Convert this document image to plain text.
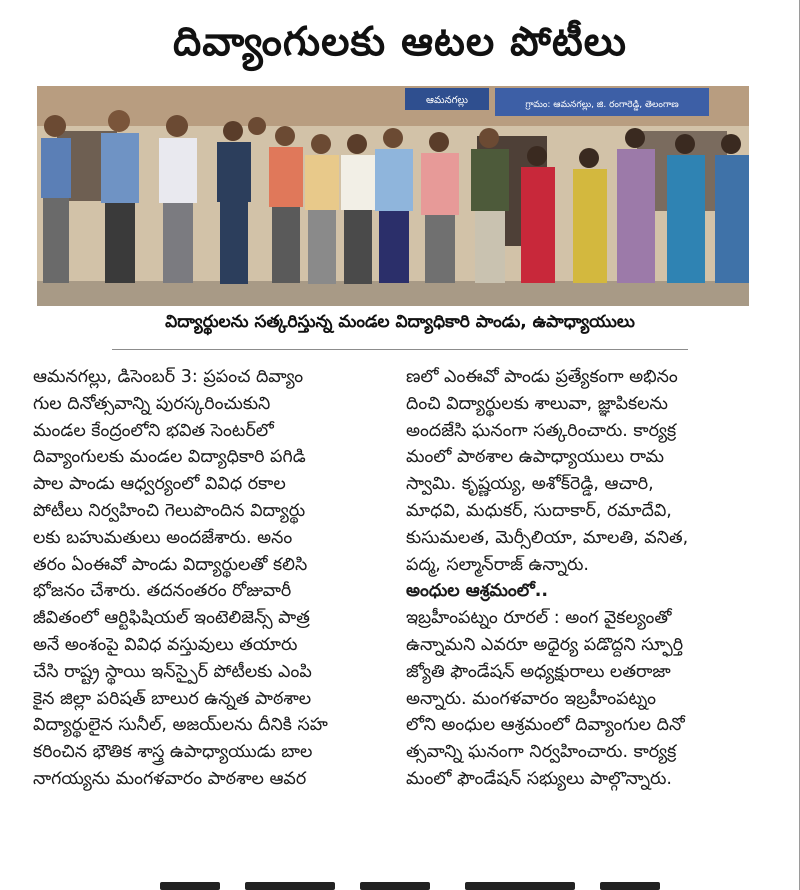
దివ్యాంగులకు ఆటల పోటీలు
ఆమనగల్లు	గ్రామం: ఆమనగల్లు, జి. రంగారెడ్డి, తెలంగాణ
విద్యార్థులను సత్కరిస్తున్న మండల విద్యాధికారి పాండు, ఉపాధ్యాయులు
ఆమనగల్లు, డిసెంబర్ 3: ప్రపంచ దివ్యాం
గుల దినోత్సవాన్ని పురస్కరించుకుని
మండల కేంద్రంలోని భవిత సెంటర్‌లో
దివ్యాంగులకు మండల విద్యాధికారి పగిడి
పాల పాండు ఆధ్వర్యంలో వివిధ రకాల
పోటీలు నిర్వహించి గెలుపొందిన విద్యార్థు
లకు బహుమతులు అందజేశారు. అనం
తరం ఏంఈవో పాండు విద్యార్థులతో కలిసి
భోజనం చేశారు. తదనంతరం రోజువారీ
జీవితంలో ఆర్టిఫిషియల్ ఇంటెలిజెన్స్ పాత్ర
అనే అంశంపై వివిధ వస్తువులు తయారు
చేసి రాష్ట్ర స్థాయి ఇన్‌స్పైర్ పోటీలకు ఎంపి
కైన జిల్లా పరిషత్ బాలుర ఉన్నత పాఠశాల
విద్యార్థులైన సునీల్, అజయ్‌లను దీనికి సహ
కరించిన భౌతిక శాస్త్ర ఉపాధ్యాయుడు బాల
నాగయ్యను మంగళవారం పాఠశాల ఆవర
ణలో ఎంఈవో పాండు ప్రత్యేకంగా అభినం
దించి విద్యార్థులకు శాలువా, జ్ఞాపికలను
అందజేసి ఘనంగా సత్కరించారు. కార్యక్ర
మంలో పాఠశాల ఉపాధ్యాయులు రామ
స్వామి. కృష్ణయ్య, అశోక్‌రెడ్డి, ఆచారి,
మాధవి, మధుకర్, సుదాకార్, రమాదేవి,
కుసుమలత, మెర్సీలియా, మాలతి, వనిత,
పద్మ, సల్మాన్‌రాజ్ ఉన్నారు.
అంధుల ఆశ్రమంలో..
ఇబ్రహీంపట్నం రూరల్ : అంగ వైకల్యంతో
ఉన్నామని ఎవరూ అధైర్య పడొద్దని స్ఫూర్తి
జ్యోతి ఫౌండేషన్ అధ్యక్షురాలు లతరాజా
అన్నారు. మంగళవారం ఇబ్రహీంపట్నం
లోని అంధుల ఆశ్రమంలో దివ్యాంగుల దినో
త్సవాన్ని ఘనంగా నిర్వహించారు. కార్యక్ర
మంలో ఫౌండేషన్ సభ్యులు పాల్గొన్నారు.
